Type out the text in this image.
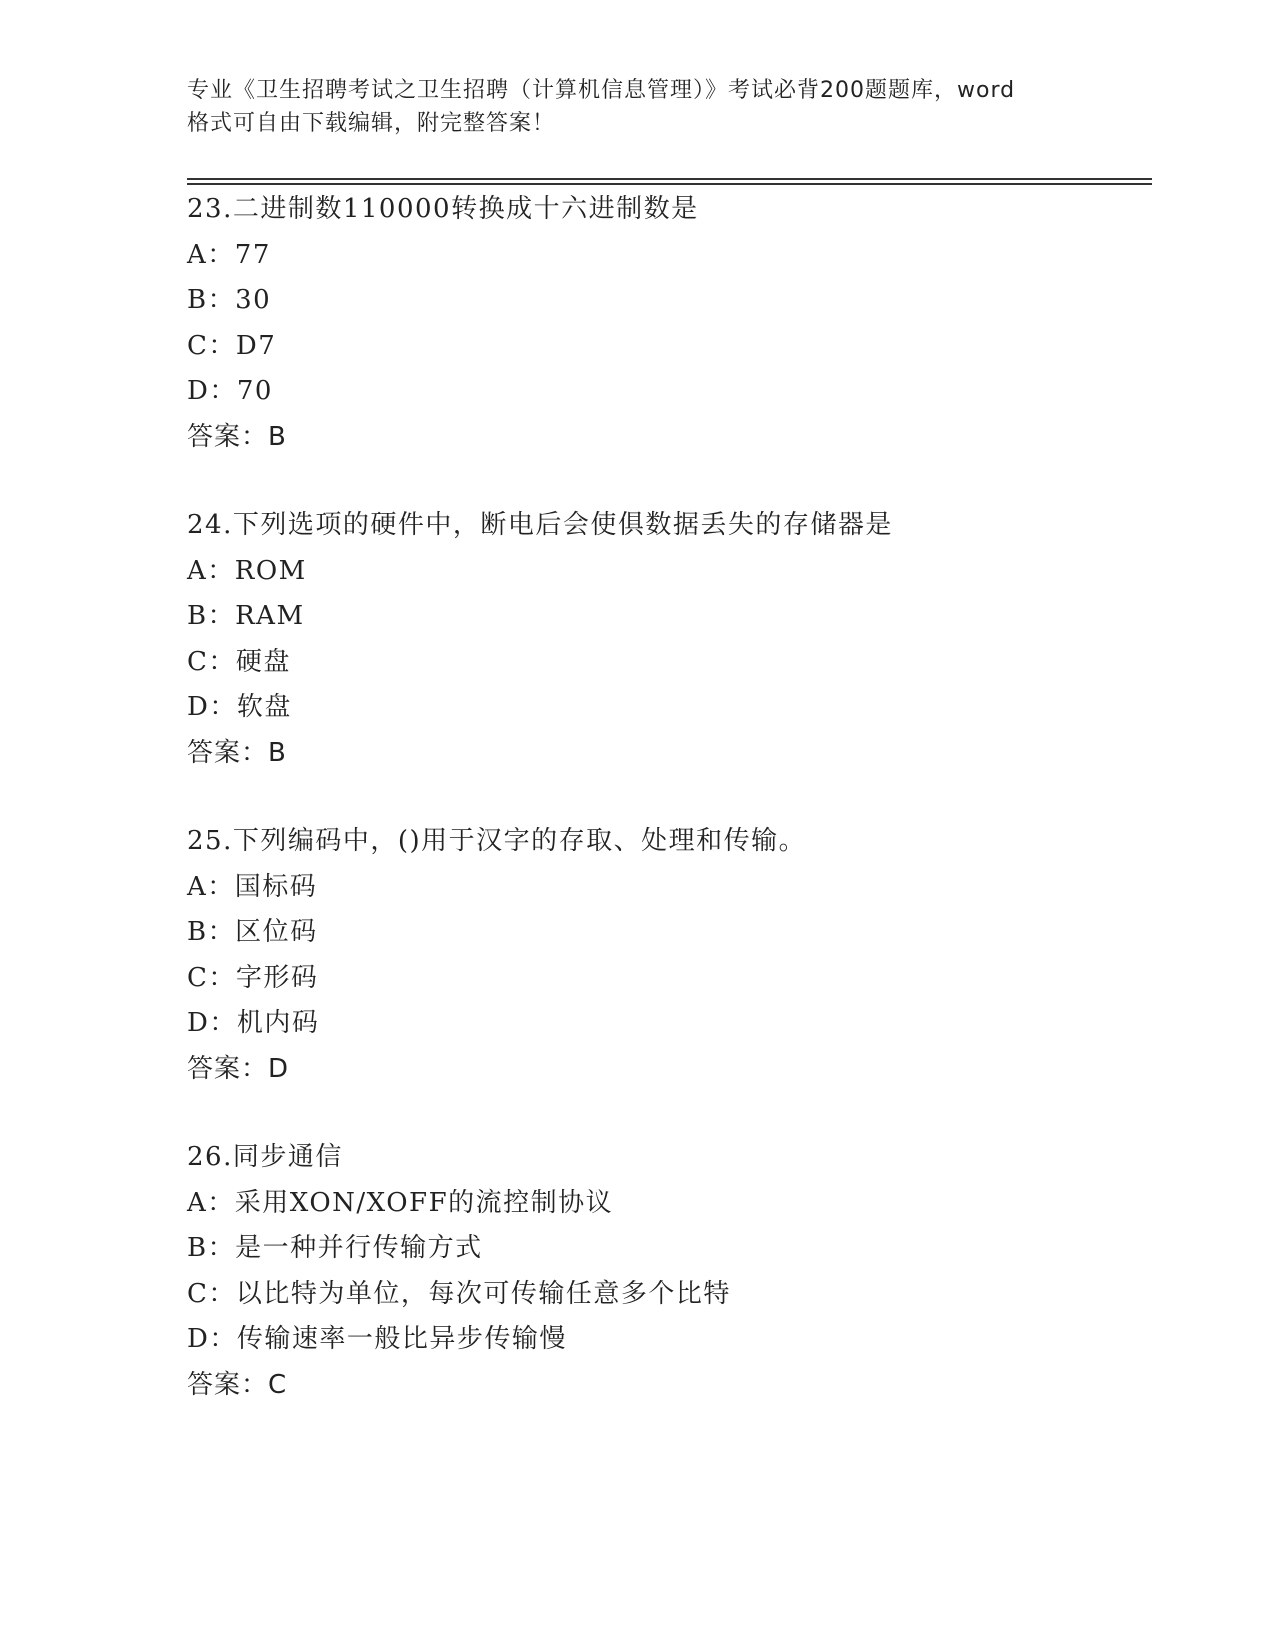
专业《卫生招聘考试之卫生招聘（计算机信息管理）》考试必背200题题库，word
格式可自由下载编辑，附完整答案！
23.二进制数110000转换成十六进制数是
A：77
B：30
C：D7
D：70
答案：B
24.下列选项的硬件中，断电后会使俱数据丢失的存储器是
A：ROM
B：RAM
C：硬盘
D：软盘
答案：B
25.下列编码中，()用于汉字的存取、处理和传输。
A：国标码
B：区位码
C：字形码
D：机内码
答案：D
26.同步通信
A：采用XON/XOFF的流控制协议
B：是一种并行传输方式
C：以比特为单位，每次可传输任意多个比特
D：传输速率一般比异步传输慢
答案：C
